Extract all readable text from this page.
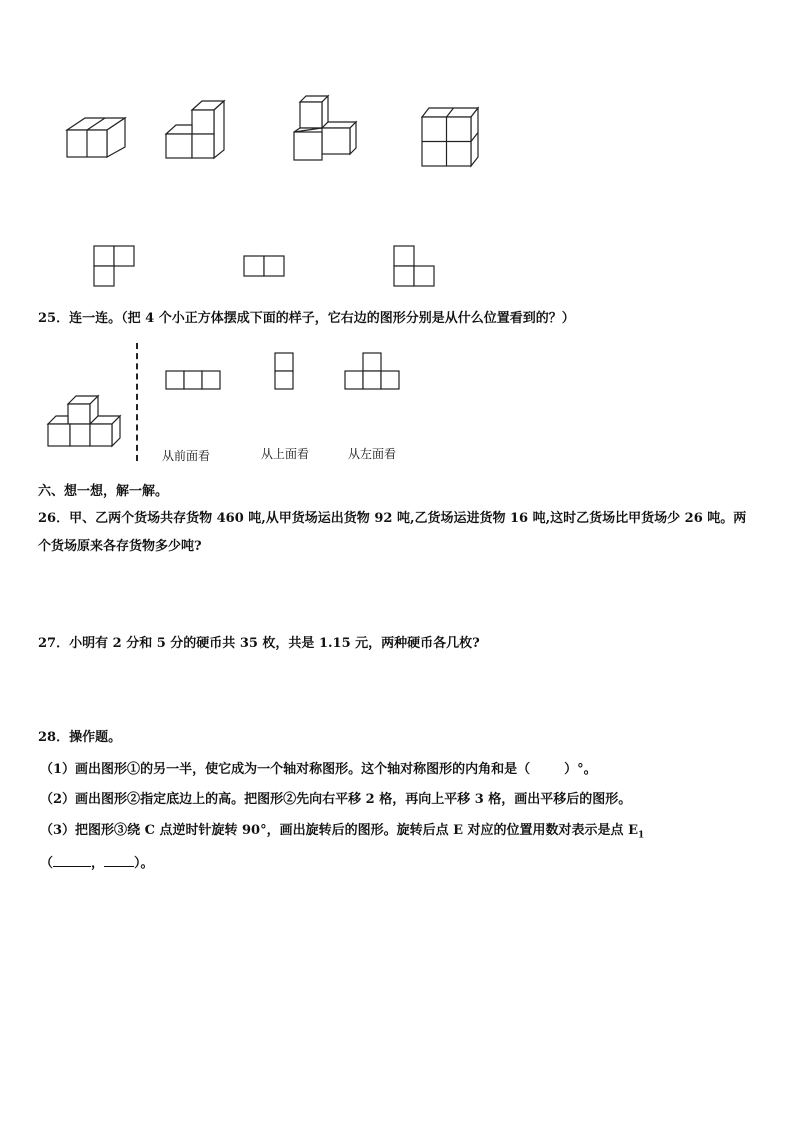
25．连一连。（把 4 个小正方体摆成下面的样子，它右边的图形分别是从什么位置看到的？）
从前面看	从上面看	从左面看
六、想一想，解一解。
26．甲、乙两个货场共存货物 460 吨,从甲货场运出货物 92 吨,乙货场运进货物 16 吨,这时乙货场比甲货场少 26 吨。两
个货场原来各存货物多少吨?
27．小明有 2 分和 5 分的硬币共 35 枚，共是 1.15 元，两种硬币各几枚?
28．操作题。
（1）画出图形①的另一半，使它成为一个轴对称图形。这个轴对称图形的内角和是（	）°。
（2）画出图形②指定底边上的高。把图形②先向右平移 2 格，再向上平移 3 格，画出平移后的图形。
（3）把图形③绕 C 点逆时针旋转 90°，画出旋转后的图形。旋转后点 E 对应的位置用数对表示是点 $E_1$
（	， ）。
